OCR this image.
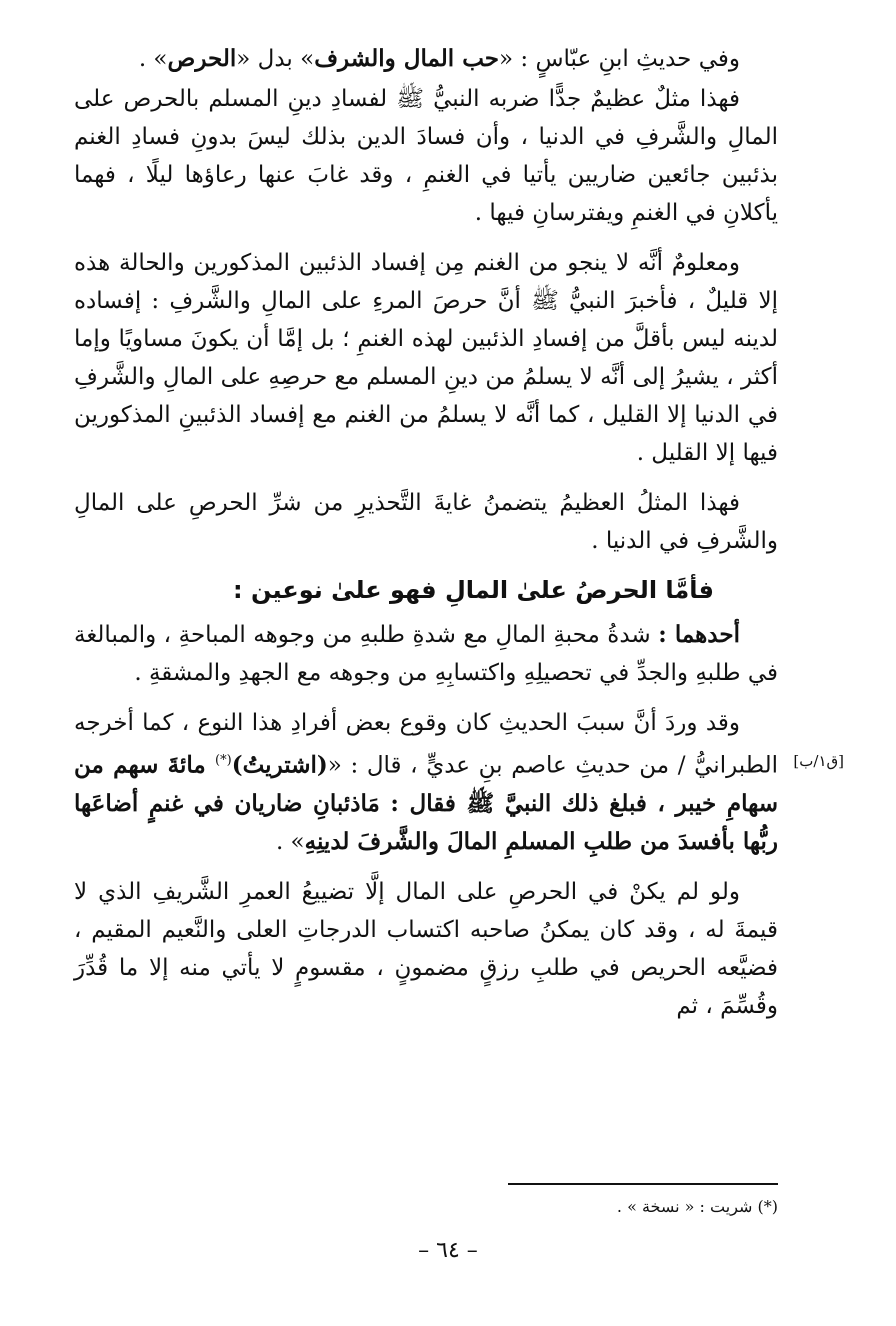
وفي حديثِ ابنِ عبّاسٍ : «حب المال والشرف» بدل «الحرص» .

فهذا مثلٌ عظيمٌ جدًّا ضربه النبيُّ ﷺ لفسادِ دينِ المسلم بالحرص على المالِ والشَّرفِ في الدنيا ، وأن فسادَ الدين بذلك ليسَ بدونِ فسادِ الغنم بذئبين جائعين ضاريين يأتيا في الغنمِ ، وقد غابَ عنها رعاؤها ليلًا ، فهما يأكلانِ في الغنمِ ويفترسانِ فيها .

ومعلومٌ أنَّه لا ينجو من الغنم مِن إفساد الذئبين المذكورين والحالة هذه إلا قليلٌ ، فأخبرَ النبيُّ ﷺ أنَّ حرصَ المرءِ على المالِ والشَّرفِ : إفساده لدينه ليس بأقلَّ من إفسادِ الذئبين لهذه الغنمِ ؛ بل إمَّا أن يكونَ مساويًا وإما أكثر ، يشيرُ إلى أنَّه لا يسلمُ من دينِ المسلم مع حرصِهِ على المالِ والشَّرفِ في الدنيا إلا القليل ، كما أنَّه لا يسلمُ من الغنم مع إفساد الذئبينِ المذكورين فيها إلا القليل .

فهذا المثلُ العظيمُ يتضمنُ غايةَ التَّحذيرِ من شرِّ الحرصِ على المالِ والشَّرفِ في الدنيا .

فأمَّا الحرصُ علىٰ المالِ فهو علىٰ نوعين :

أحدهما : شدةُ محبةِ المالِ مع شدةِ طلبهِ من وجوهه المباحةِ ، والمبالغة في طلبهِ والجدِّ في تحصيلِهِ واكتسابِهِ من وجوهه مع الجهدِ والمشقةِ .

[ق١/ب]
وقد وردَ أنَّ سببَ الحديثِ كان وقوع بعض أفرادِ هذا النوع ، كما أخرجه الطبرانيُّ / من حديثِ عاصم بنِ عديٍّ ، قال : «(اشتريتُ)(*) مائةَ سهم من سهامِ خيبر ، فبلغ ذلك النبيَّ ﷺ فقال : مَاذئبانِ ضاريان في غنمٍ أضاعَها ربُّها بأفسدَ من طلبِ المسلمِ المالَ والشَّرفَ لدينِهِ» .

ولو لم يكنْ في الحرصِ على المال إلَّا تضييعُ العمرِ الشَّريفِ الذي لا قيمةَ له ، وقد كان يمكنُ صاحبه اكتساب الدرجاتِ العلى والنَّعيم المقيم ، فضيَّعه الحريص في طلبِ رزقٍ مضمونٍ ، مقسومٍ لا يأتي منه إلا ما قُدِّرَ وقُسِّمَ ، ثم

(*) شريت : « نسخة » .
– ٦٤ –
